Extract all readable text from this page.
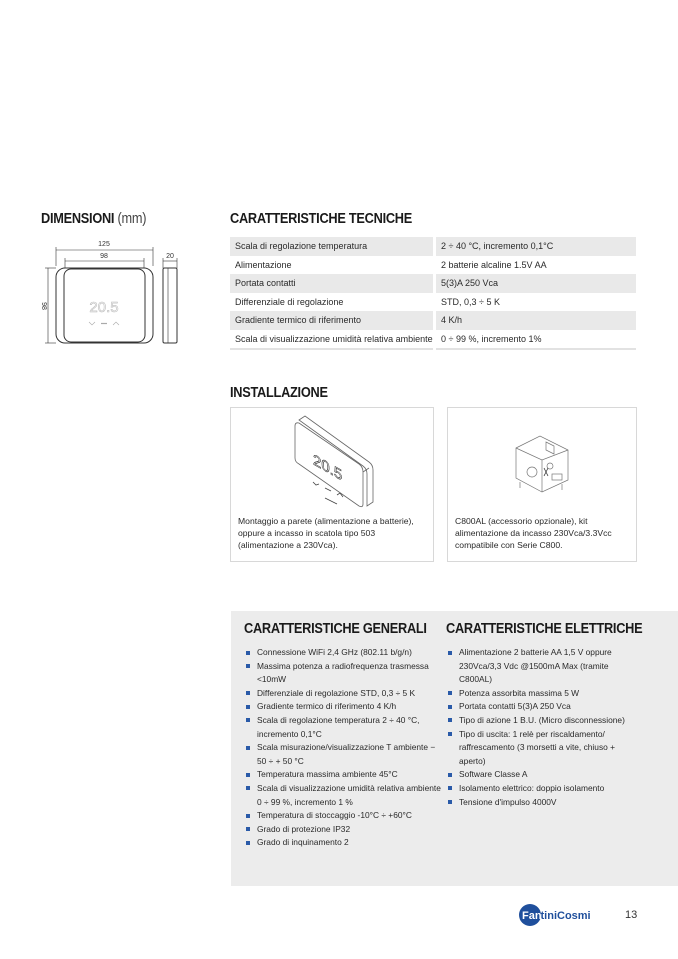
DIMENSIONI (mm)
125
98	20
98	20.5
CARATTERISTICHE TECNICHE
Scala di regolazione temperatura	2 ÷ 40 °C, incremento 0,1°C
Alimentazione	2 batterie alcaline 1.5V AA
Portata contatti	5(3)A 250 Vca
Differenziale di regolazione	STD, 0,3 ÷ 5 K
Gradiente termico di riferimento	4 K/h
Scala di visualizzazione umidità relativa ambiente	0 ÷ 99 %, incremento 1%
INSTALLAZIONE
20.5
Montaggio a parete (alimentazione a batterie), oppure a incasso in scatola tipo 503 (alimentazione a 230Vca).
C800AL (accessorio opzionale), kit alimentazione da incasso 230Vca/3.3Vcc compatibile con Serie C800.
CARATTERISTICHE GENERALI
Connessione WiFi 2,4 GHz (802.11 b/g/n)
Massima potenza a radiofrequenza trasmessa <10mW
Differenziale di regolazione STD, 0,3 ÷ 5 K
Gradiente termico di riferimento 4 K/h
Scala di regolazione temperatura 2 ÷ 40 °C, incremento 0,1°C
Scala misurazione/visualizzazione T ambiente − 50 ÷ + 50 °C
Temperatura massima ambiente 45°C
Scala di visualizzazione umidità relativa ambiente 0 ÷ 99 %, incremento 1 %
Temperatura di stoccaggio -10°C ÷ +60°C
Grado di protezione IP32
Grado di inquinamento 2
CARATTERISTICHE ELETTRICHE
Alimentazione 2 batterie AA 1,5 V oppure 230Vca/3,3 Vdc @1500mA Max (tramite C800AL)
Potenza assorbita massima 5 W
Portata contatti 5(3)A 250 Vca
Tipo di azione 1 B.U. (Micro disconnessione)
Tipo di uscita: 1 relè per riscaldamento/ raffrescamento (3 morsetti a vite, chiuso + aperto)
Software Classe A
Isolamento elettrico: doppio isolamento
Tensione d'impulso 4000V
Fan
tiniCosmi	13
